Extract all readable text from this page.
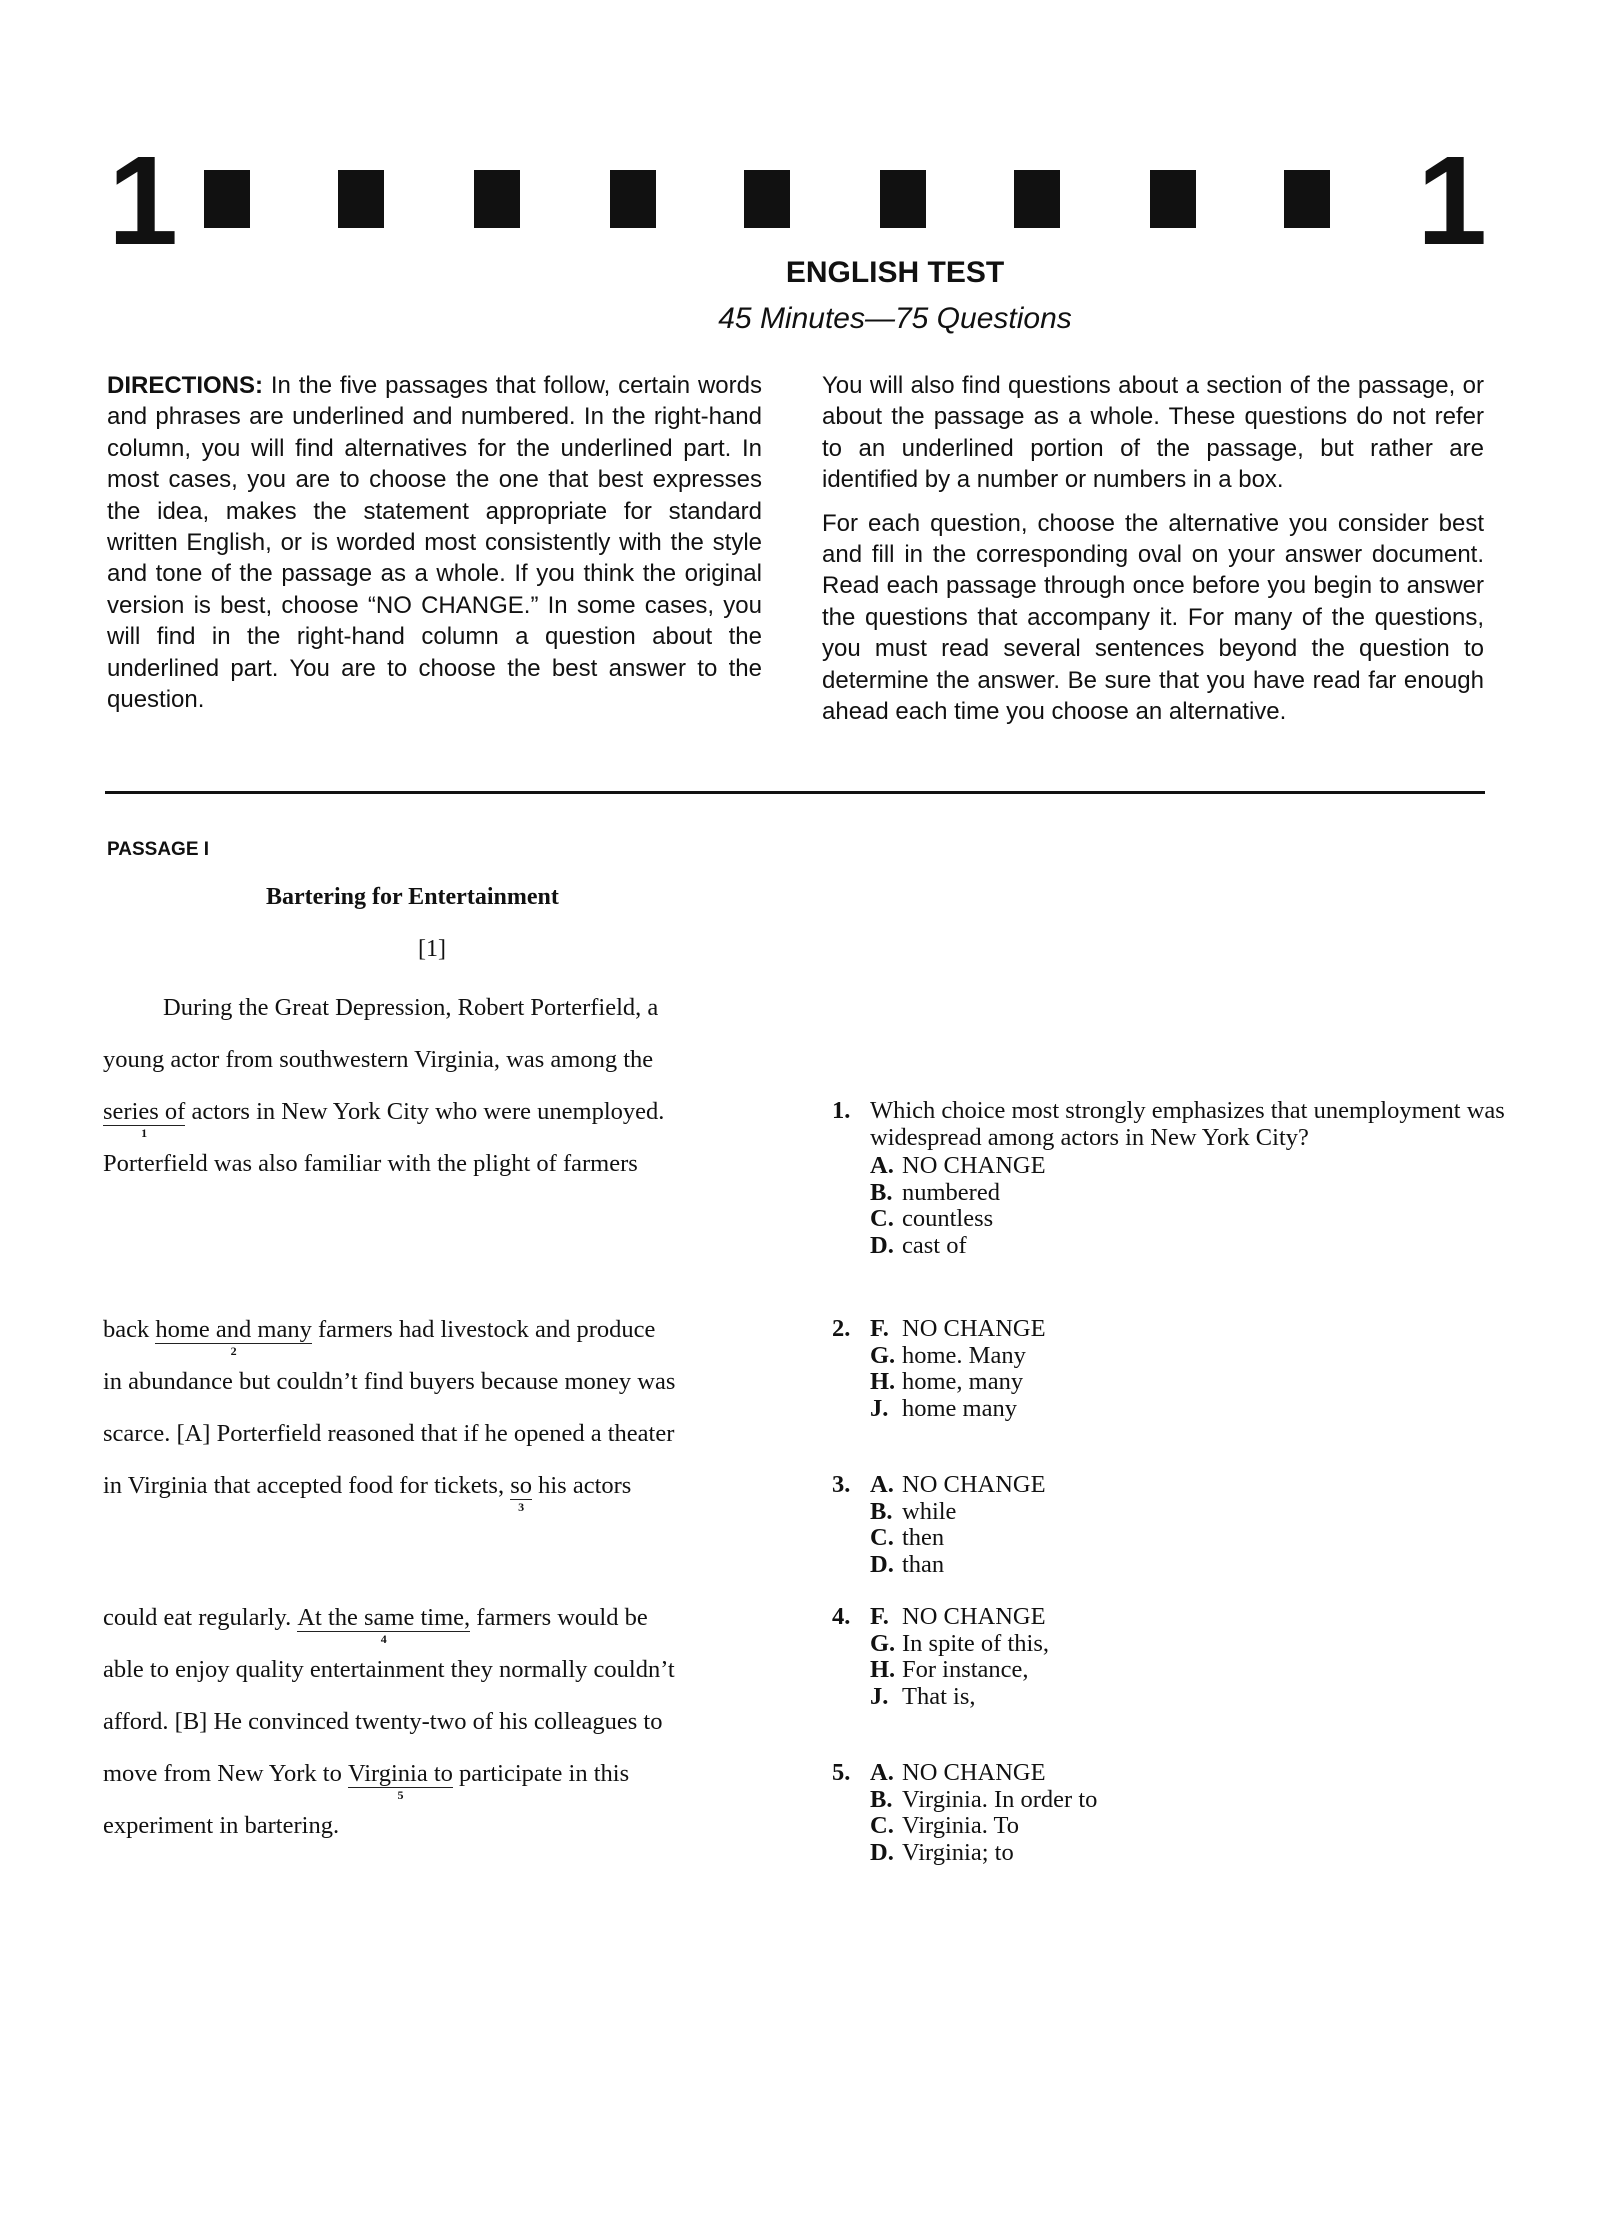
1	1
ENGLISH TEST
45 Minutes—75 Questions

DIRECTIONS: In the five passages that follow, certain words and phrases are underlined and numbered. In the right-hand column, you will find alternatives for the underlined part. In most cases, you are to choose the one that best expresses the idea, makes the statement appropriate for standard written English, or is worded most consistently with the style and tone of the passage as a whole. If you think the original version is best, choose “NO CHANGE.” In some cases, you will find in the right-hand column a question about the underlined part. You are to choose the best answer to the question.

You will also find questions about a section of the passage, or about the passage as a whole. These questions do not refer to an underlined portion of the passage, but rather are identified by a number or numbers in a box.

For each question, choose the alternative you consider best and fill in the corresponding oval on your answer document. Read each passage through once before you begin to answer the questions that accompany it. For many of the questions, you must read several sentences beyond the question to determine the answer. Be sure that you have read far enough ahead each time you choose an alternative.

PASSAGE I
Bartering for Entertainment
[1]
During the Great Depression, Robert Porterfield, a
young actor from southwestern Virginia, was among the
series of
1
actors in New York City who were unemployed.
Porterfield was also familiar with the plight of farmers
back home and many
2
farmers had livestock and produce
in abundance but couldn’t find buyers because money was
scarce. [A] Porterfield reasoned that if he opened a theater
in Virginia that accepted food for tickets, so
3
his actors
could eat regularly. At the same time,
4
farmers would be
able to enjoy quality entertainment they normally couldn’t
afford. [B] He convinced twenty-two of his colleagues to
move from New York to Virginia to
5
participate in this
experiment in bartering.
1. Which choice most strongly emphasizes that unemployment was widespread among actors in New York City?
A. NO CHANGE
B. numbered
C. countless
D. cast of
2. F. NO CHANGE
G. home. Many
H. home, many
J. home many
3. A. NO CHANGE
B. while
C. then
D. than
4. F. NO CHANGE
G. In spite of this,
H. For instance,
J. That is,
5. A. NO CHANGE
B. Virginia. In order to
C. Virginia. To
D. Virginia; to
